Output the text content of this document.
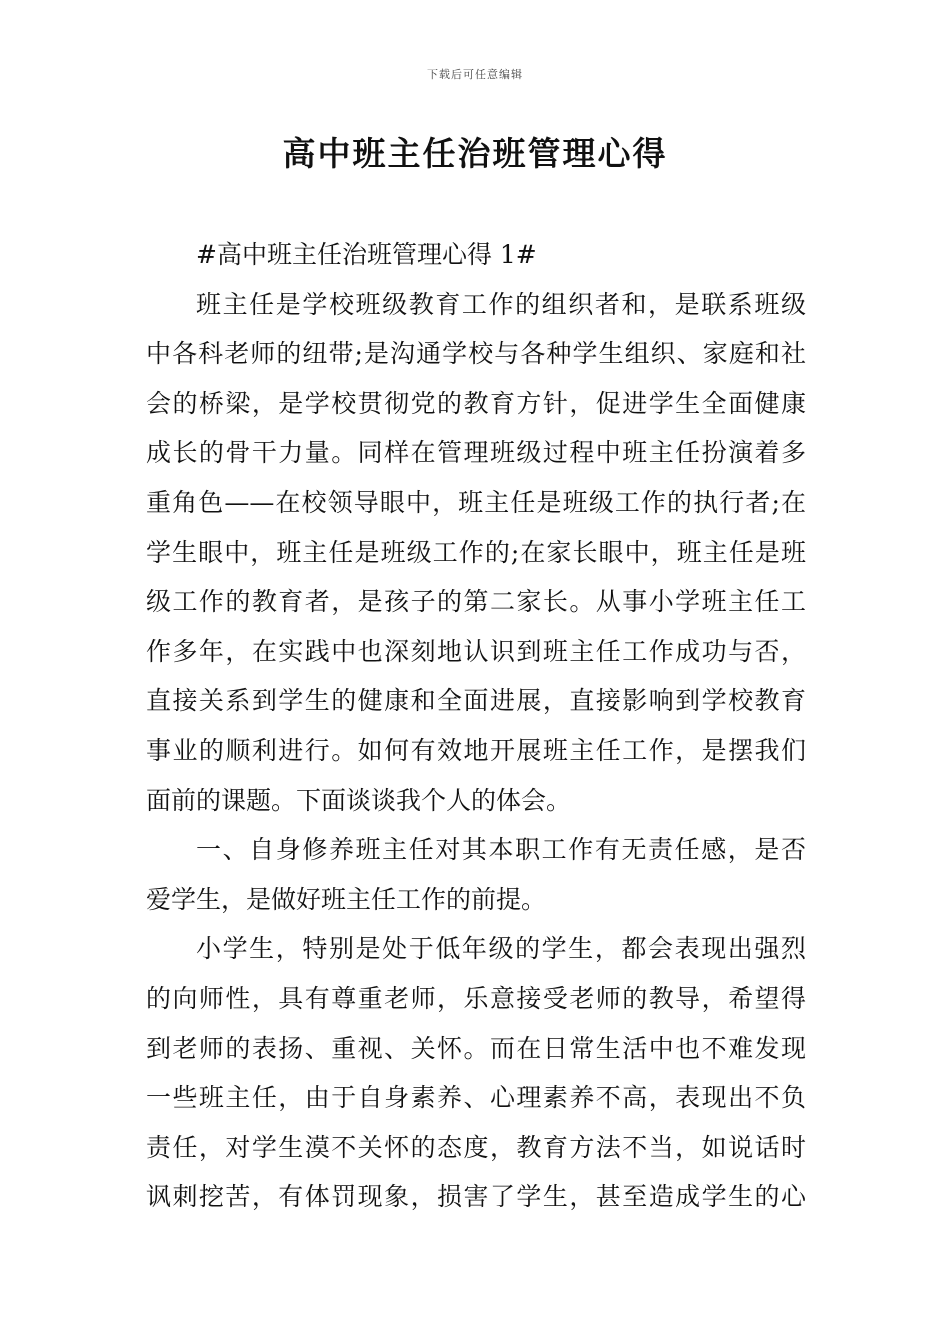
下载后可任意编辑
高中班主任治班管理心得
#高中班主任治班管理心得 1#
班主任是学校班级教育工作的组织者和，是联系班级
中各科老师的纽带;是沟通学校与各种学生组织、家庭和社
会的桥梁，是学校贯彻党的教育方针，促进学生全面健康
成长的骨干力量。同样在管理班级过程中班主任扮演着多
重角色——在校领导眼中，班主任是班级工作的执行者;在
学生眼中，班主任是班级工作的;在家长眼中，班主任是班
级工作的教育者，是孩子的第二家长。从事小学班主任工
作多年，在实践中也深刻地认识到班主任工作成功与否，
直接关系到学生的健康和全面进展，直接影响到学校教育
事业的顺利进行。如何有效地开展班主任工作，是摆我们
面前的课题。下面谈谈我个人的体会。
一、自身修养班主任对其本职工作有无责任感，是否
爱学生，是做好班主任工作的前提。
小学生，特别是处于低年级的学生，都会表现出强烈
的向师性，具有尊重老师，乐意接受老师的教导，希望得
到老师的表扬、重视、关怀。而在日常生活中也不难发现
一些班主任，由于自身素养、心理素养不高，表现出不负
责任，对学生漠不关怀的态度，教育方法不当，如说话时
讽刺挖苦，有体罚现象，损害了学生，甚至造成学生的心
